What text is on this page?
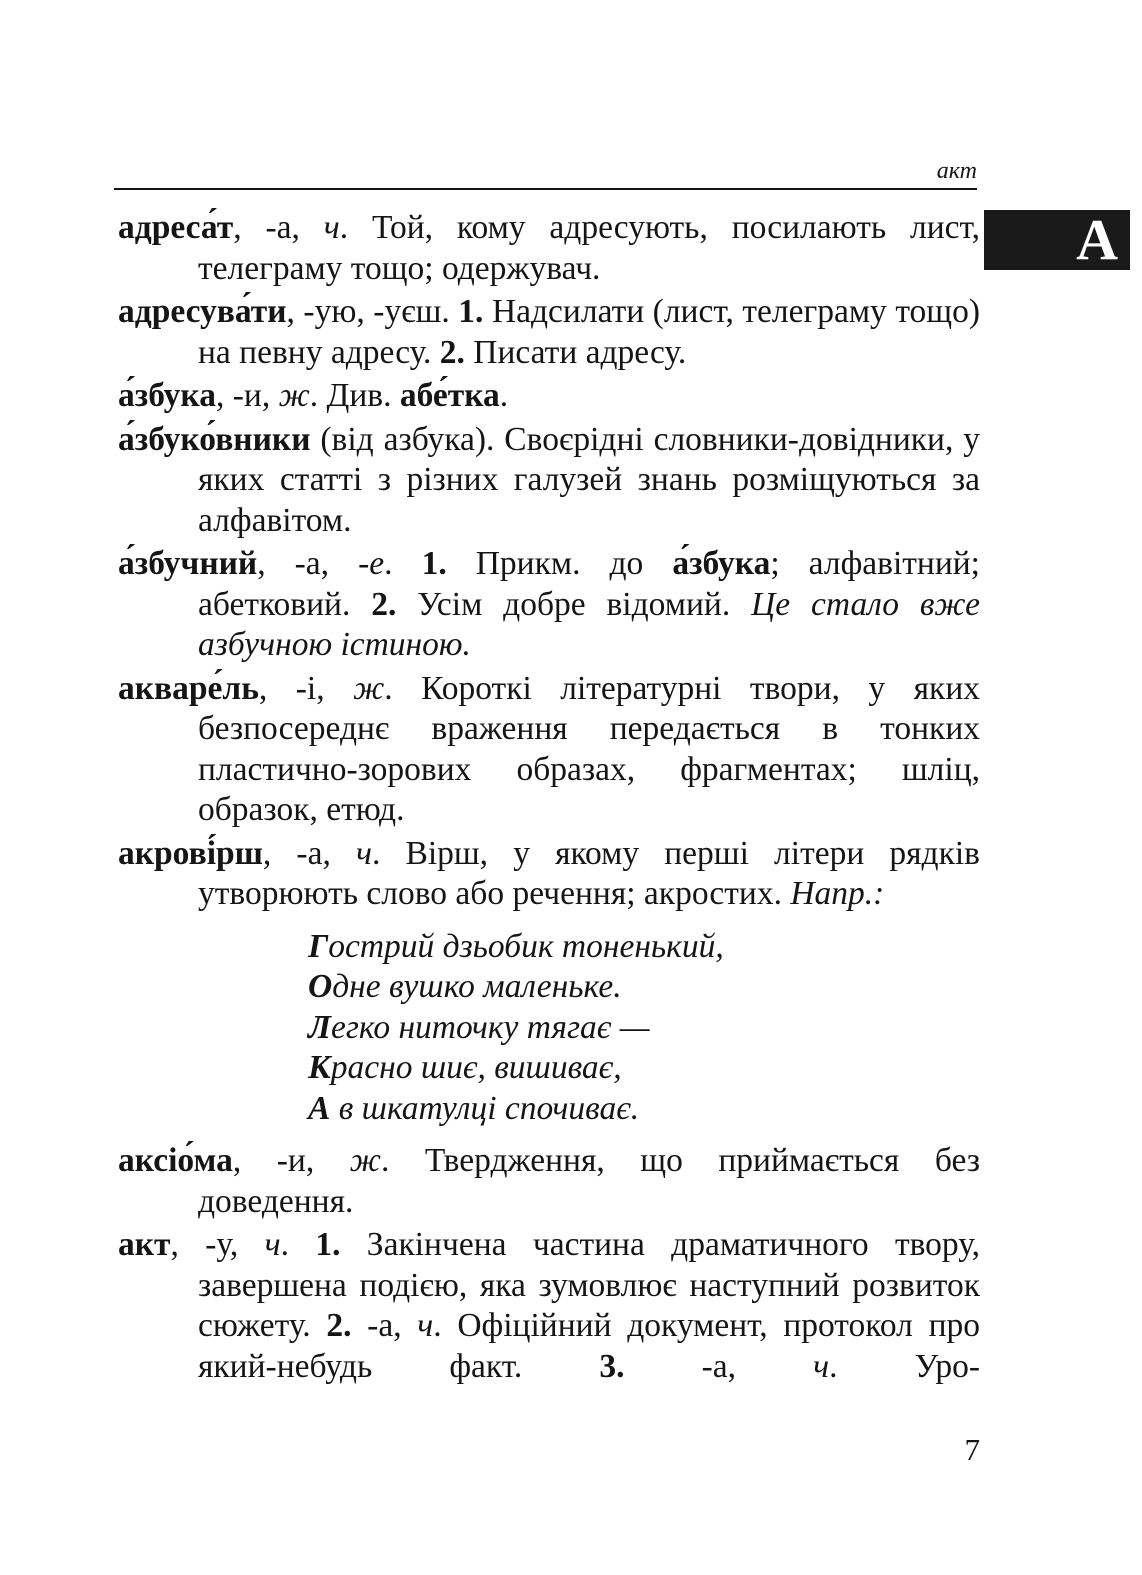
акт
А

адреса́т, -а, ч. Той, кому адресують, посилають лист, телеграму тощо; одержувач.

адресува́ти, -ую, -уєш. 1. Надсилати (лист, телеграму тощо) на певну адресу. 2. Писати адресу.

а́збука, -и, ж. Див. абе́тка.

а́збуко́вники (від азбука). Своєрідні словники-довідники, у яких статті з різних галузей знань розміщуються за алфавітом.

а́збучний, -а, -е. 1. Прикм. до а́збука; алфавітний; абетковий. 2. Усім добре відомий. Це стало вже азбучною істиною.

акваре́ль, -і, ж. Короткі літературні твори, у яких безпосереднє враження передається в тонких пластично-зорових образах, фрагментах; шліц, образок, етюд.

акрові́рш, -а, ч. Вірш, у якому перші літери рядків утворюють слово або речення; акростих. Напр.:

Гострий дзьобик тоненький,
Одне вушко маленьке.
Легко ниточку тягає —
Красно шиє, вишиває,
А в шкатулці спочиває.

аксіо́ма, -и, ж. Твердження, що приймається без доведення.

акт, -у, ч. 1. Закінчена частина драматичного твору, завершена подією, яка зумовлює наступний розвиток сюжету. 2. -а, ч. Офіційний документ, протокол про який-небудь факт. 3. -а, ч. Уро-

7
